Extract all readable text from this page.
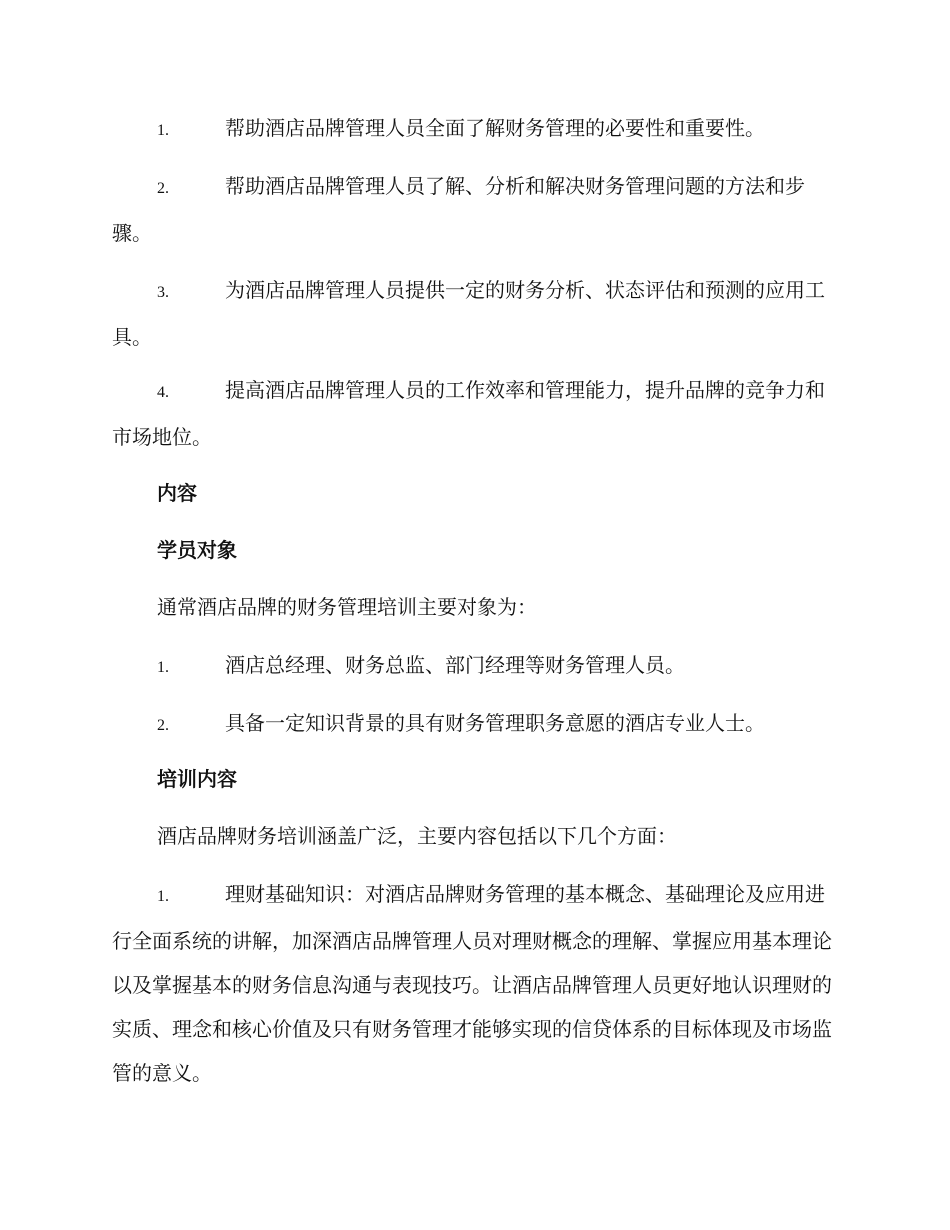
1.	帮助酒店品牌管理人员全面了解财务管理的必要性和重要性。
2.	帮助酒店品牌管理人员了解、分析和解决财务管理问题的方法和步骤。
3.	为酒店品牌管理人员提供一定的财务分析、状态评估和预测的应用工具。
4.	提高酒店品牌管理人员的工作效率和管理能力，提升品牌的竞争力和市场地位。
内容
学员对象
通常酒店品牌的财务管理培训主要对象为：
1.	酒店总经理、财务总监、部门经理等财务管理人员。
2.	具备一定知识背景的具有财务管理职务意愿的酒店专业人士。
培训内容
酒店品牌财务培训涵盖广泛，主要内容包括以下几个方面：
1.	理财基础知识：对酒店品牌财务管理的基本概念、基础理论及应用进行全面系统的讲解，加深酒店品牌管理人员对理财概念的理解、掌握应用基本理论以及掌握基本的财务信息沟通与表现技巧。让酒店品牌管理人员更好地认识理财的实质、理念和核心价值及只有财务管理才能够实现的信贷体系的目标体现及市场监管的意义。
